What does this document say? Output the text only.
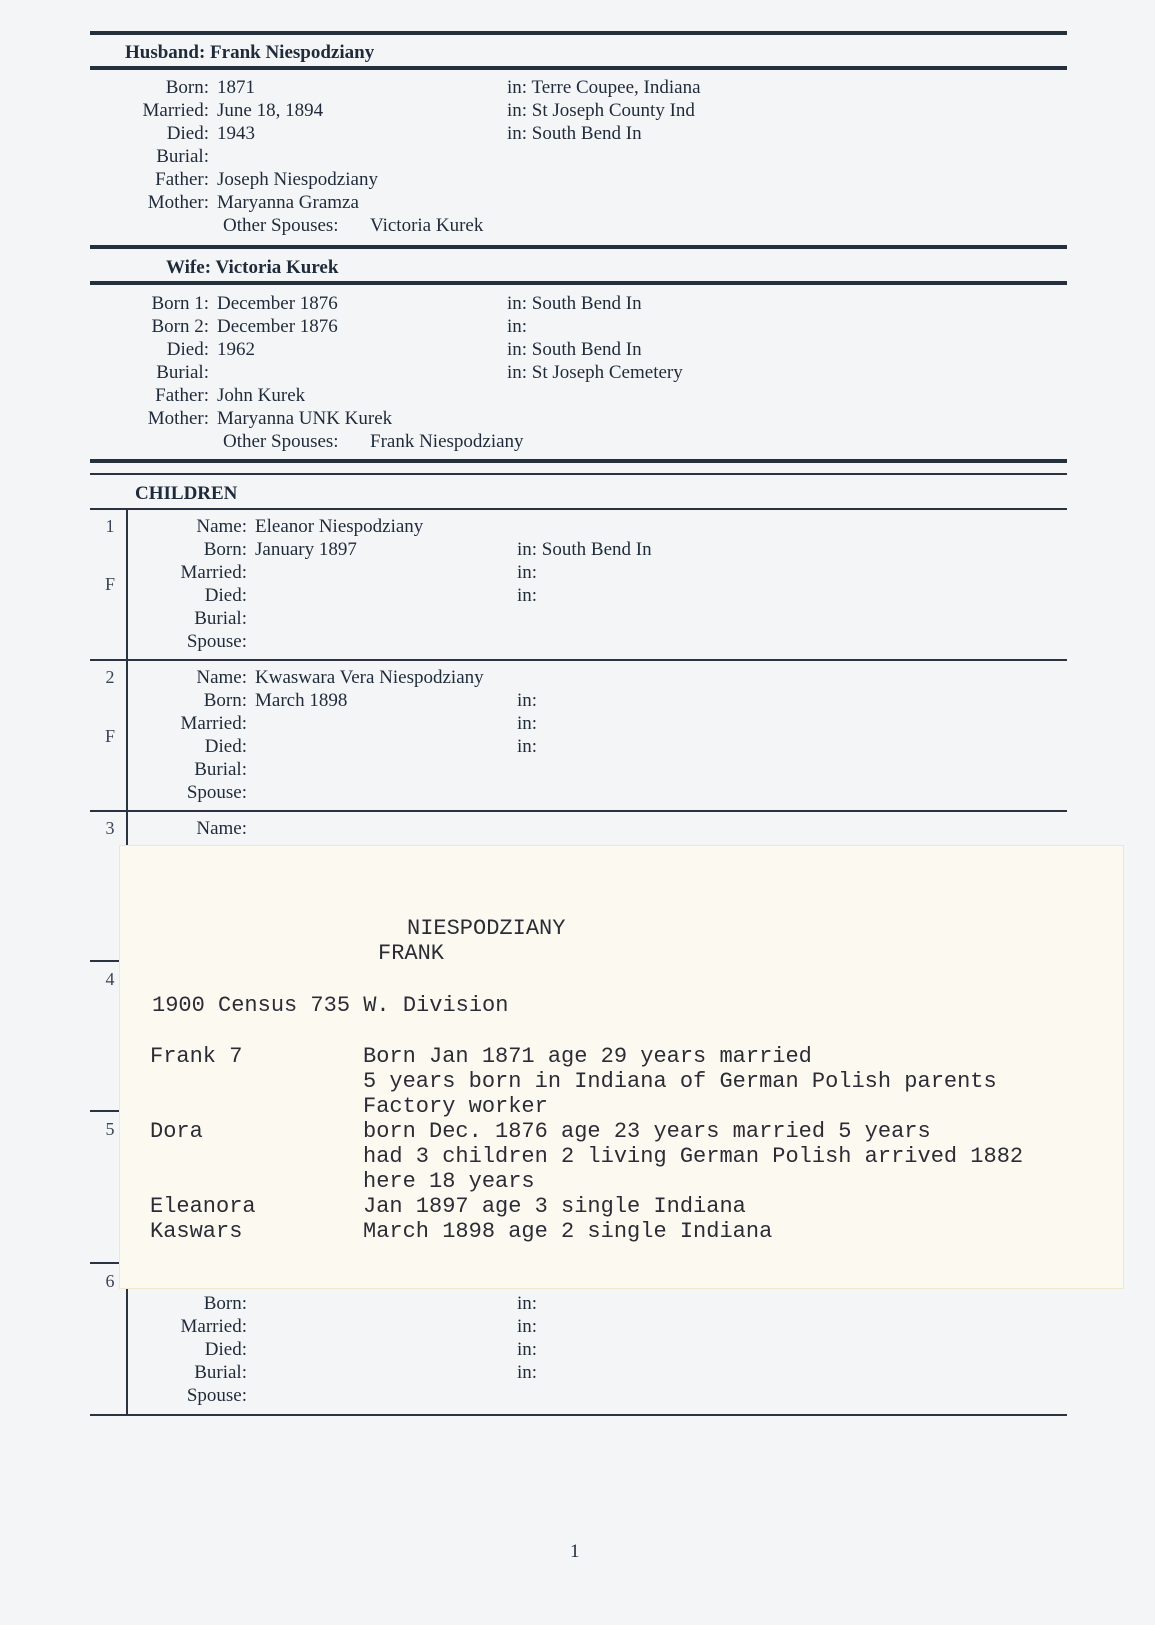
Husband: Frank Niespodziany
Born: 1871	in: Terre Coupee, Indiana
Married: June 18, 1894	in: St Joseph County Ind
Died: 1943	in: South Bend In
Burial:
Father: Joseph Niespodziany
Mother: Maryanna Gramza
Other Spouses: Victoria Kurek
Wife: Victoria Kurek
Born 1: December 1876	in: South Bend In
Born 2: December 1876	in:
Died: 1962	in: South Bend In
Burial:	in: St Joseph Cemetery
Father: John Kurek
Mother: Maryanna UNK Kurek
Other Spouses: Frank Niespodziany
CHILDREN
1
F
Name: Eleanor Niespodziany
Born: January 1897	in: South Bend In
Married:	in:
Died:	in:
Burial:
Spouse:
2
F
Name: Kwaswara Vera Niespodziany
Born: March 1898	in:
Married:	in:
Died:	in:
Burial:
Spouse:
3	Name:
4
5
6
Born:	in:
Married:	in:
Died:	in:
Burial:	in:
Spouse:
NIESPODZIANY
FRANK
1900 Census 735 W. Division
Frank 7	Born Jan 1871 age 29 years married
5 years born in Indiana of German Polish parents
Factory worker
Dora	born Dec. 1876 age 23 years married 5 years
had 3 children 2 living German Polish arrived 1882
here 18 years
Eleanora	Jan 1897 age 3 single Indiana
Kaswars	March 1898 age 2 single Indiana
1
